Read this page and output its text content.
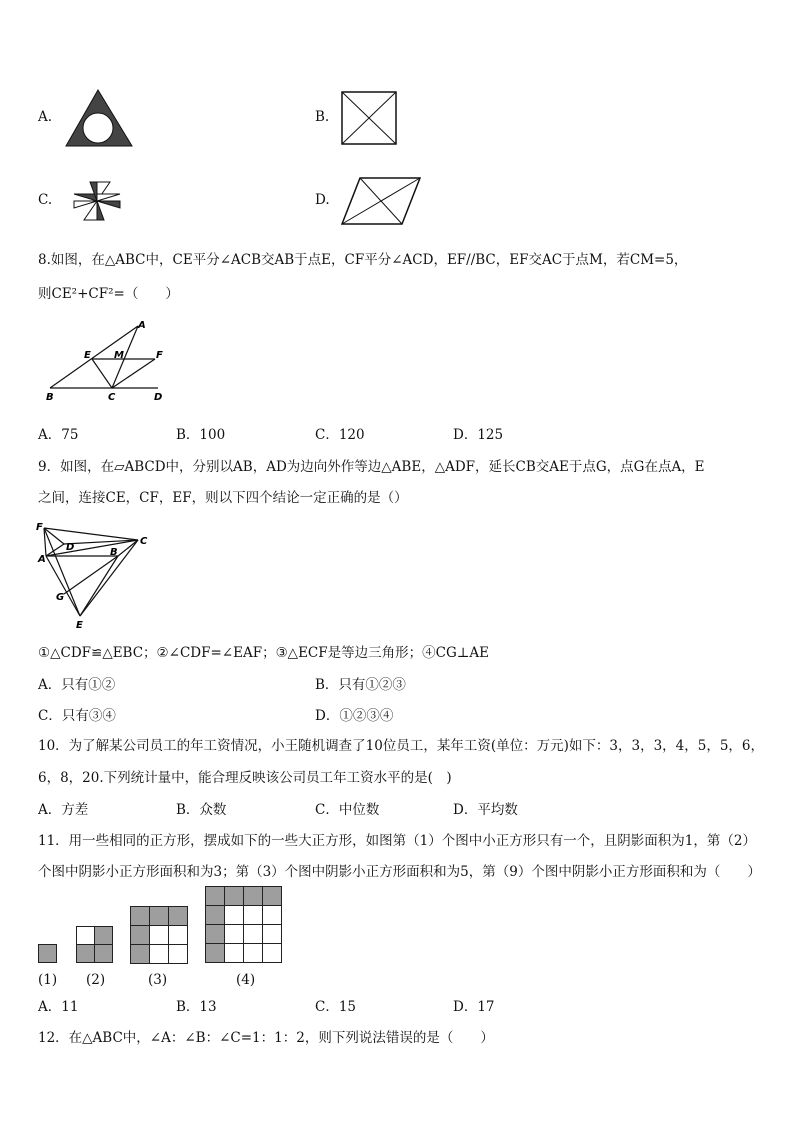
A.	B.
C.	D.
8.如图，在△ABC中，CE平分∠ACB交AB于点E，CF平分∠ACD，EF//BC，EF交AC于点M，若CM=5，
则CE²+CF²=（　　）
A
E M	F
B	C	D
A．75	B．100	C．120	D．125
9．如图，在▱ABCD中，分别以AB，AD为边向外作等边△ABE，△ADF，延长CB交AE于点G，点G在点A，E
之间，连接CE，CF，EF，则以下四个结论一定正确的是（）
F
D
A
B
C
G
E
①△CDF≌△EBC；②∠CDF=∠EAF；③△ECF是等边三角形；④CG⊥AE
A．只有①②	B．只有①②③
C．只有③④	D．①②③④
10．为了解某公司员工的年工资情况，小王随机调查了10位员工，某年工资(单位：万元)如下：3，3，3，4，5，5，6，
6，8，20.下列统计量中，能合理反映该公司员工年工资水平的是(　)
A．方差	B．众数	C．中位数	D．平均数
11．用一些相同的正方形，摆成如下的一些大正方形，如图第（1）个图中小正方形只有一个，且阴影面积为1，第（2）
个图中阴影小正方形面积和为3；第（3）个图中阴影小正方形面积和为5，第（9）个图中阴影小正方形面积和为（　　）
(1) (2)	(3)	(4)
A．11	B．13	C．15	D．17
12．在△ABC中，∠A：∠B：∠C=1：1：2，则下列说法错误的是（　　）
